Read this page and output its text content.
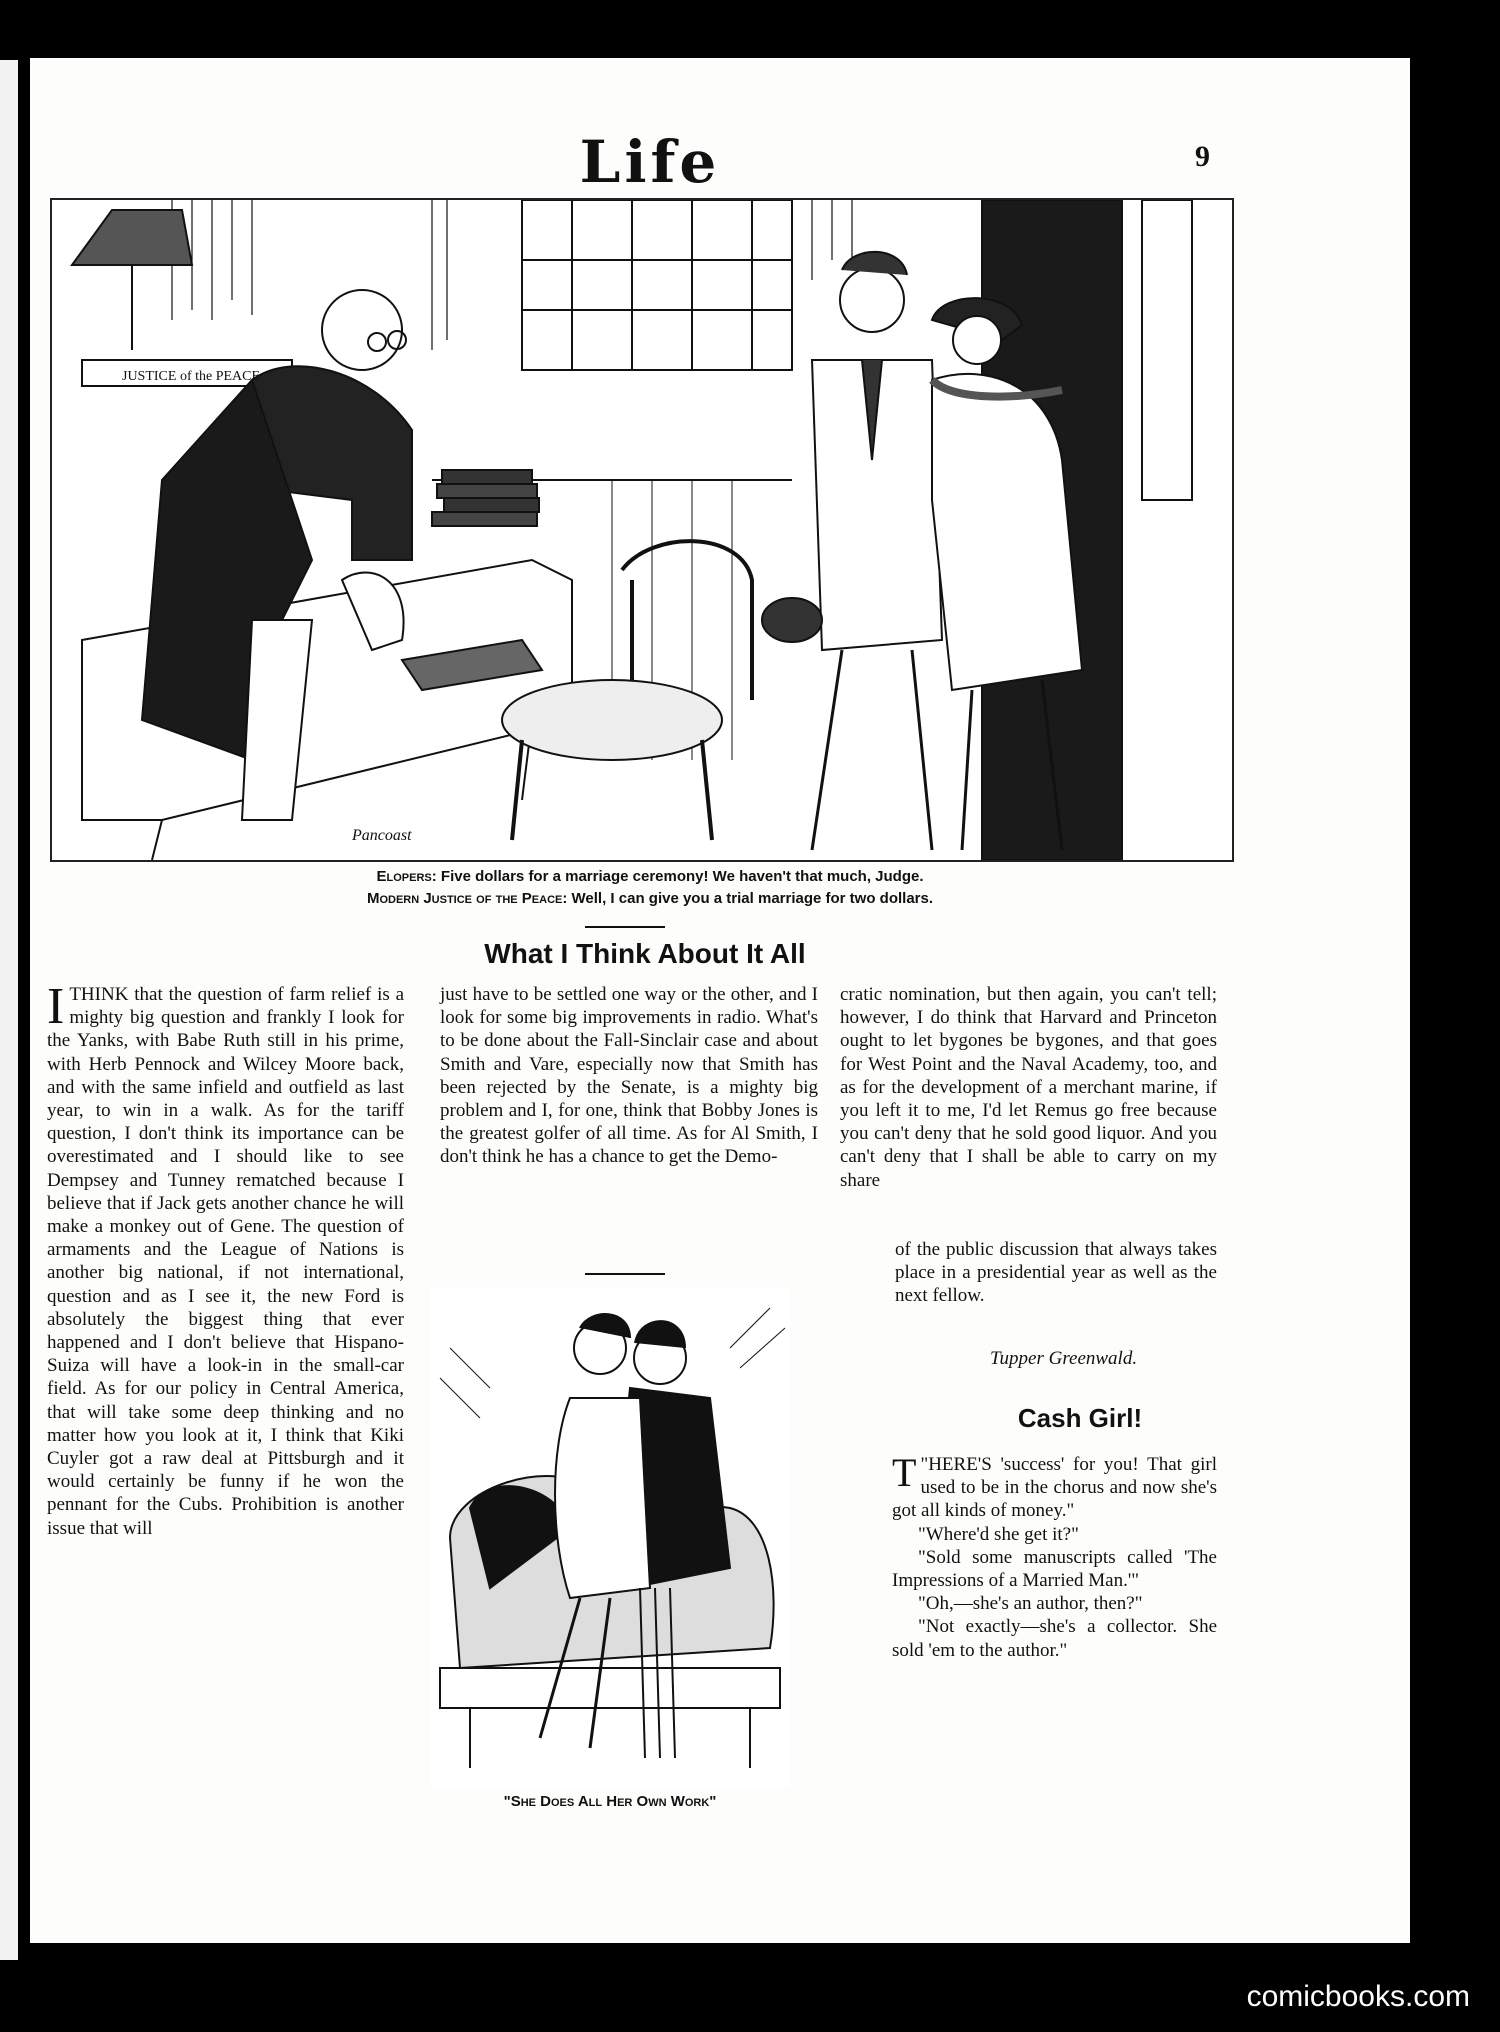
Life	9
JUSTICE of the PEACE
Pancoast
Elopers: Five dollars for a marriage ceremony! We haven't that much, Judge.
Modern Justice of the Peace: Well, I can give you a trial marriage for two dollars.
What I Think About It All

ITHINK that the question of farm relief is a mighty big question and frankly I look for the Yanks, with Babe Ruth still in his prime, with Herb Pennock and Wilcey Moore back, and with the same infield and outfield as last year, to win in a walk. As for the tariff question, I don't think its importance can be overestimated and I should like to see Dempsey and Tunney rematched because I believe that if Jack gets another chance he will make a monkey out of Gene. The question of armaments and the League of Nations is another big national, if not international, question and as I see it, the new Ford is absolutely the biggest thing that ever happened and I don't believe that Hispano-Suiza will have a look-in in the small-car field. As for our policy in Central America, that will take some deep thinking and no matter how you look at it, I think that Kiki Cuyler got a raw deal at Pittsburgh and it would certainly be funny if he won the pennant for the Cubs. Prohibition is another issue that will

just have to be settled one way or the other, and I look for some big improvements in radio. What's to be done about the Fall-Sinclair case and about Smith and Vare, especially now that Smith has been rejected by the Senate, is a mighty big problem and I, for one, think that Bobby Jones is the greatest golfer of all time. As for Al Smith, I don't think he has a chance to get the Demo-

cratic nomination, but then again, you can't tell; however, I do think that Harvard and Princeton ought to let bygones be bygones, and that goes for West Point and the Naval Academy, too, and as for the development of a merchant marine, if you left it to me, I'd let Remus go free because you can't deny that he sold good liquor. And you can't deny that I shall be able to carry on my share

of the public discussion that always takes place in a presidential year as well as the next fellow.

Tupper Greenwald.
"She Does All Her Own Work"
Cash Girl!

"
T HERE'S 'success' for you! That girl used to be in the chorus and now she's got all kinds of money."

"Where'd she get it?"

"Sold some manuscripts called 'The Impressions of a Married Man.'"

"Oh,—she's an author, then?"

"Not exactly—she's a collector. She sold 'em to the author."

comicbooks.com
